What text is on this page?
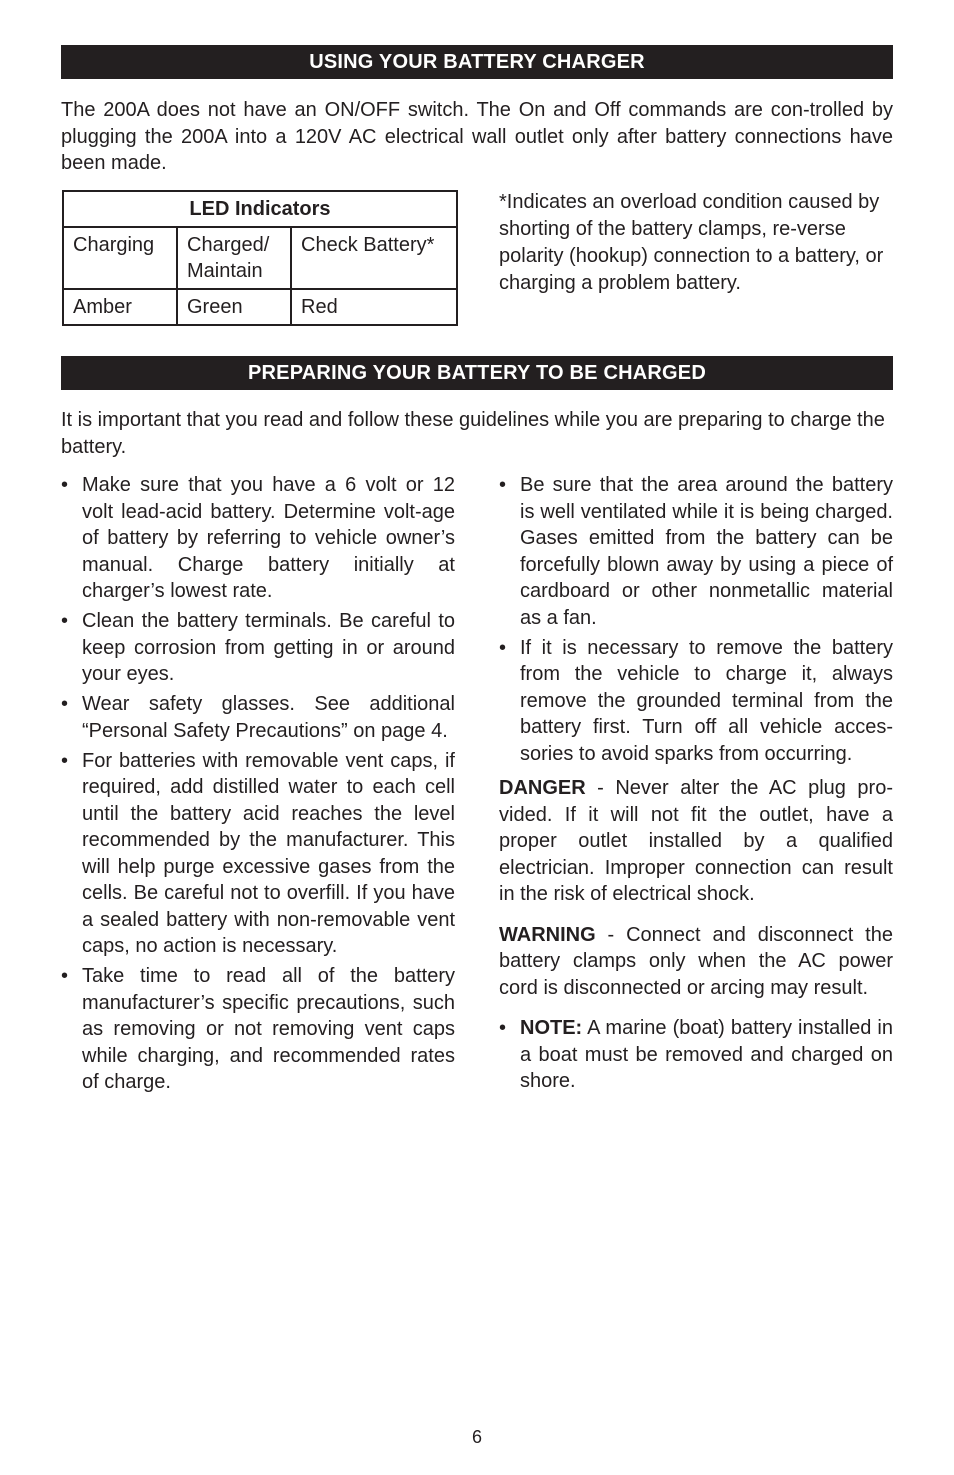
USING YOUR BATTERY CHARGER
The 200A does not have an ON/OFF switch. The On and Off commands are con-trolled by plugging the 200A into a 120V AC electrical wall outlet only after battery connections have been made.
LED Indicators		
Charging	Charged/ Maintain	Check Battery*
Amber	Green	Red
*Indicates an overload condition caused by shorting of the battery clamps, re-verse polarity (hookup) connection to a battery, or charging a problem battery.
PREPARING YOUR BATTERY TO BE CHARGED
It is important that you read and follow these guidelines while you are preparing to charge the battery.
• Make sure that you have a 6 volt or 12 volt lead-acid battery. Determine volt-age of battery by referring to vehicle owner’s manual. Charge battery initially at charger’s lowest rate.
• Clean the battery terminals. Be careful to keep corrosion from getting in or around your eyes.
• Wear safety glasses. See additional “Personal Safety Precautions” on page 4.
• For batteries with removable vent caps, if required, add distilled water to each cell until the battery acid reaches the level recommended by the manufacturer. This will help purge excessive gases from the cells. Be careful not to overfill. If you have a sealed battery with non-removable vent caps, no action is necessary.
• Take time to read all of the battery manufacturer’s specific precautions, such as removing or not removing vent caps while charging, and recommended rates of charge.
• Be sure that the area around the battery is well ventilated while it is being charged. Gases emitted from the battery can be forcefully blown away by using a piece of cardboard or other nonmetallic material as a fan.
• If it is necessary to remove the battery from the vehicle to charge it, always remove the grounded terminal from the battery first. Turn off all vehicle acces-sories to avoid sparks from occurring.
DANGER - Never alter the AC plug pro-vided. If it will not fit the outlet, have a proper outlet installed by a qualified electrician. Improper connection can result in the risk of electrical shock.
WARNING - Connect and disconnect the battery clamps only when the AC power cord is disconnected or arcing may result.
• NOTE: A marine (boat) battery installed in a boat must be removed and charged on shore.
6
